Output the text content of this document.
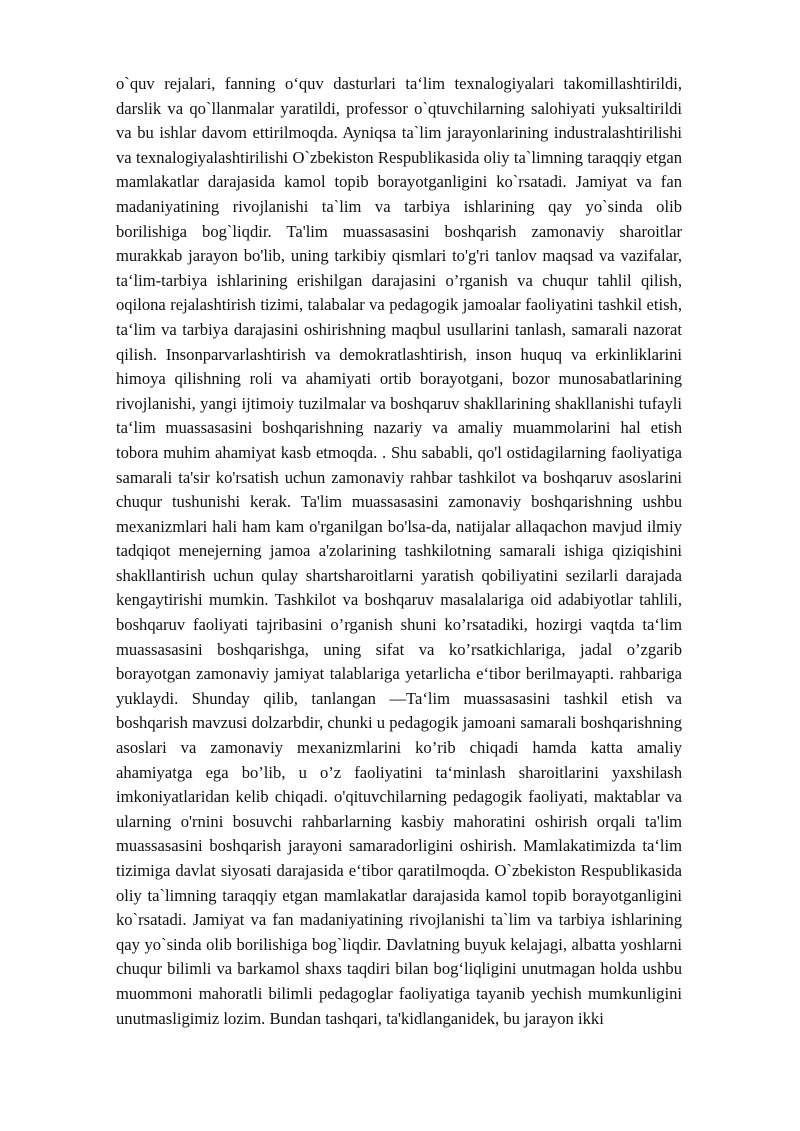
o`quv rejalari, fanning o‘quv dasturlari ta‘lim texnalogiyalari takomillashtirildi, darslik va qo`llanmalar yaratildi, professor o`qtuvchilarning salohiyati yuksaltirildi va bu ishlar davom ettirilmoqda. Ayniqsa ta`lim jarayonlarining industralashtirilishi va texnalogiyalashtirilishi O`zbekiston Respublikasida oliy ta`limning taraqqiy etgan mamlakatlar darajasida kamol topib borayotganligini ko`rsatadi. Jamiyat va fan madaniyatining rivojlanishi ta`lim va tarbiya ishlarining qay yo`sinda olib borilishiga bog`liqdir. Ta'lim muassasasini boshqarish zamonaviy sharoitlar murakkab jarayon bo'lib, uning tarkibiy qismlari to'g'ri tanlov maqsad va vazifalar, ta‘lim-tarbiya ishlarining erishilgan darajasini o’rganish va chuqur tahlil qilish, oqilona rejalashtirish tizimi, talabalar va pedagogik jamoalar faoliyatini tashkil etish, ta‘lim va tarbiya darajasini oshirishning maqbul usullarini tanlash, samarali nazorat qilish. Insonparvarlashtirish va demokratlashtirish, inson huquq va erkinliklarini himoya qilishning roli va ahamiyati ortib borayotgani, bozor munosabatlarining rivojlanishi, yangi ijtimoiy tuzilmalar va boshqaruv shakllarining shakllanishi tufayli ta‘lim muassasasini boshqarishning nazariy va amaliy muammolarini hal etish tobora muhim ahamiyat kasb etmoqda. . Shu sababli, qo'l ostidagilarning faoliyatiga samarali ta'sir ko'rsatish uchun zamonaviy rahbar tashkilot va boshqaruv asoslarini chuqur tushunishi kerak. Ta'lim muassasasini zamonaviy boshqarishning ushbu mexanizmlari hali ham kam o'rganilgan bo'lsa-da, natijalar allaqachon mavjud ilmiy tadqiqot menejerning jamoa a'zolarining tashkilotning samarali ishiga qiziqishini shakllantirish uchun qulay shartsharoitlarni yaratish qobiliyatini sezilarli darajada kengaytirishi mumkin. Tashkilot va boshqaruv masalalariga oid adabiyotlar tahlili, boshqaruv faoliyati tajribasini o’rganish shuni ko’rsatadiki, hozirgi vaqtda ta‘lim muassasasini boshqarishga, uning sifat va ko’rsatkichlariga, jadal o’zgarib borayotgan zamonaviy jamiyat talablariga yetarlicha e‘tibor berilmayapti. rahbariga yuklaydi. Shunday qilib, tanlangan ―Ta‘lim muassasasini tashkil etish va boshqarish mavzusi dolzarbdir, chunki u pedagogik jamoani samarali boshqarishning asoslari va zamonaviy mexanizmlarini ko’rib chiqadi hamda katta amaliy ahamiyatga ega bo’lib, u o’z faoliyatini ta‘minlash sharoitlarini yaxshilash imkoniyatlaridan kelib chiqadi. o'qituvchilarning pedagogik faoliyati, maktablar va ularning o'rnini bosuvchi rahbarlarning kasbiy mahoratini oshirish orqali ta'lim muassasasini boshqarish jarayoni samaradorligini oshirish. Mamlakatimizda ta‘lim tizimiga davlat siyosati darajasida e‘tibor qaratilmoqda. O`zbekiston Respublikasida oliy ta`limning taraqqiy etgan mamlakatlar darajasida kamol topib borayotganligini ko`rsatadi. Jamiyat va fan madaniyatining rivojlanishi ta`lim va tarbiya ishlarining qay yo`sinda olib borilishiga bog`liqdir. Davlatning buyuk kelajagi, albatta yoshlarni chuqur bilimli va barkamol shaxs taqdiri bilan bog‘liqligini unutmagan holda ushbu muommoni mahoratli bilimli pedagoglar faoliyatiga tayanib yechish mumkunligini unutmasligimiz lozim. Bundan tashqari, ta'kidlanganidek, bu jarayon ikki
